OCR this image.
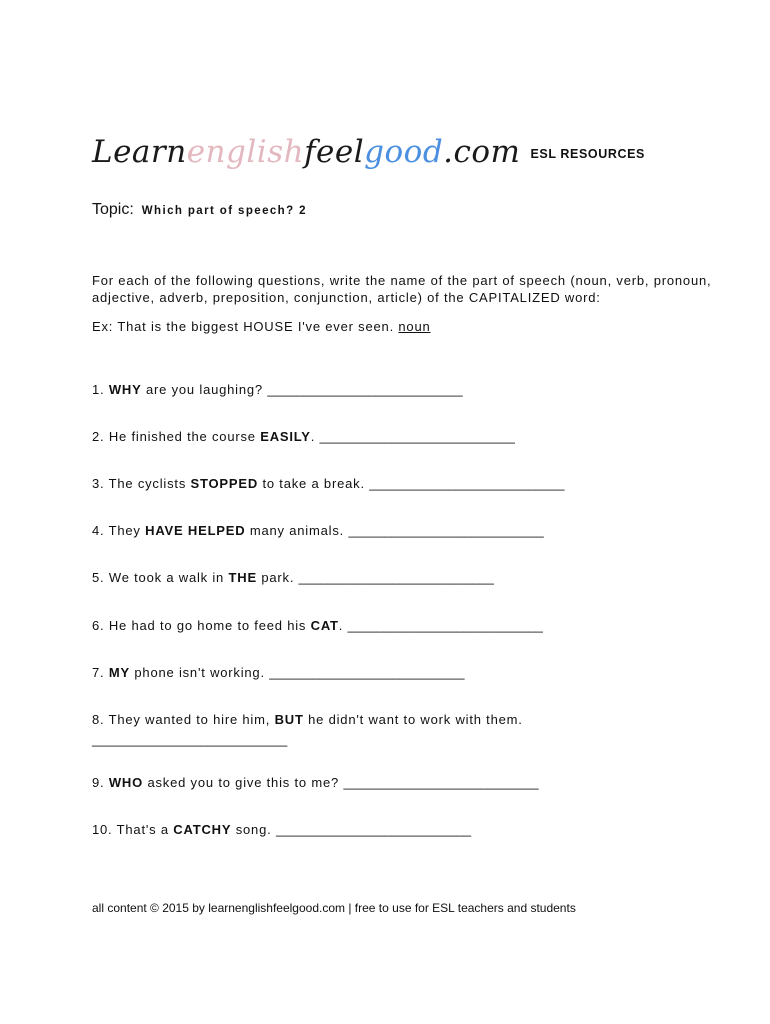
Learnenglishfeelgood.com ESL RESOURCES
Topic: Which part of speech? 2
For each of the following questions, write the name of the part of speech (noun, verb, pronoun, adjective, adverb, preposition, conjunction, article) of the CAPITALIZED word:
Ex: That is the biggest HOUSE I've ever seen. noun
1. WHY are you laughing? ___________________________
2. He finished the course EASILY. ___________________________
3. The cyclists STOPPED to take a break. ___________________________
4. They HAVE HELPED many animals. ___________________________
5. We took a walk in THE park. ___________________________
6. He had to go home to feed his CAT. ___________________________
7. MY phone isn't working. ___________________________
8. They wanted to hire him, BUT he didn't want to work with them.
___________________________
9. WHO asked you to give this to me? ___________________________
10. That's a CATCHY song. ___________________________
all content © 2015 by learnenglishfeelgood.com | free to use for ESL teachers and students
